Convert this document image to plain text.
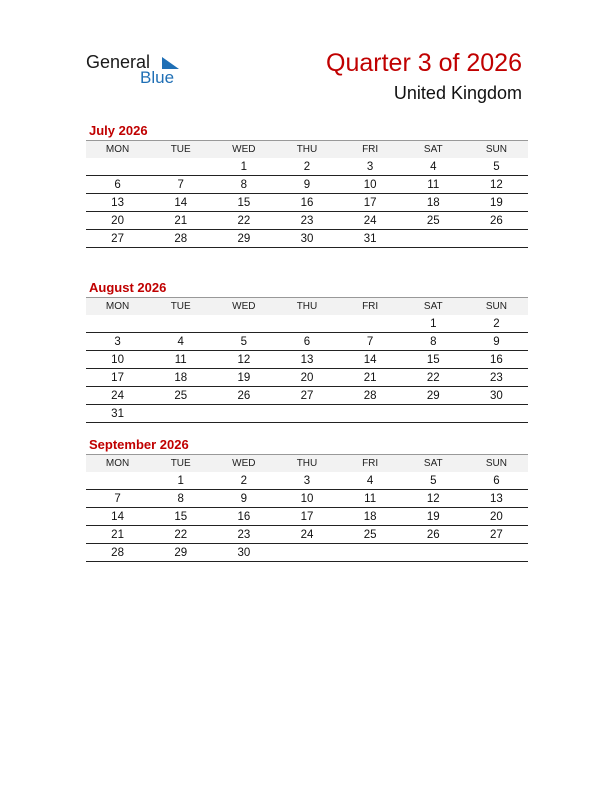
General
Blue
Quarter 3 of 2026
United Kingdom
July 2026
MON	TUE	WED	THU	FRI	SAT	SUN
		1	2	3	4	5
6	7	8	9	10	11	12
13	14	15	16	17	18	19
20	21	22	23	24	25	26
27	28	29	30	31		
August 2026
MON	TUE	WED	THU	FRI	SAT	SUN
					1	2
3	4	5	6	7	8	9
10	11	12	13	14	15	16
17	18	19	20	21	22	23
24	25	26	27	28	29	30
31						
September 2026
MON	TUE	WED	THU	FRI	SAT	SUN
	1	2	3	4	5	6
7	8	9	10	11	12	13
14	15	16	17	18	19	20
21	22	23	24	25	26	27
28	29	30				
